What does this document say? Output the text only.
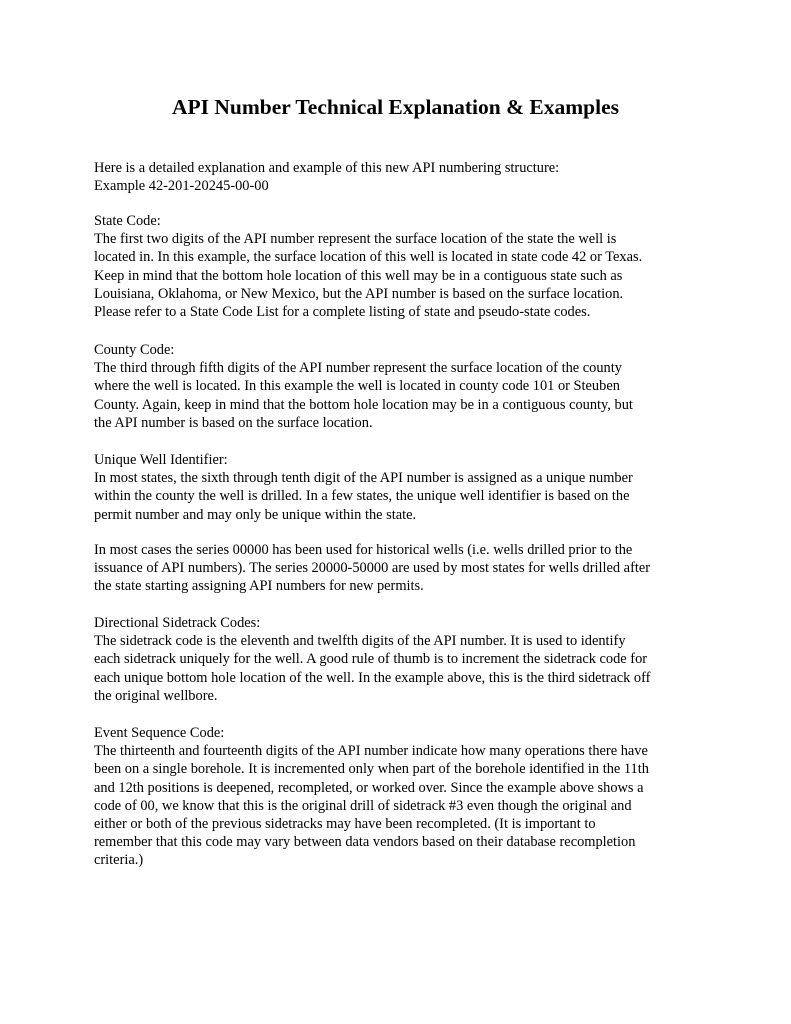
API Number Technical Explanation & Examples
Here is a detailed explanation and example of this new API numbering structure:
Example 42-201-20245-00-00
State Code:
The first two digits of the API number represent the surface location of the state the well is
located in. In this example, the surface location of this well is located in state code 42 or Texas.
Keep in mind that the bottom hole location of this well may be in a contiguous state such as
Louisiana, Oklahoma, or New Mexico, but the API number is based on the surface location.
Please refer to a State Code List for a complete listing of state and pseudo-state codes.
County Code:
The third through fifth digits of the API number represent the surface location of the county
where the well is located. In this example the well is located in county code 101 or Steuben
County. Again, keep in mind that the bottom hole location may be in a contiguous county, but
the API number is based on the surface location.
Unique Well Identifier:
In most states, the sixth through tenth digit of the API number is assigned as a unique number
within the county the well is drilled. In a few states, the unique well identifier is based on the
permit number and may only be unique within the state.
In most cases the series 00000 has been used for historical wells (i.e. wells drilled prior to the
issuance of API numbers). The series 20000-50000 are used by most states for wells drilled after
the state starting assigning API numbers for new permits.
Directional Sidetrack Codes:
The sidetrack code is the eleventh and twelfth digits of the API number. It is used to identify
each sidetrack uniquely for the well. A good rule of thumb is to increment the sidetrack code for
each unique bottom hole location of the well. In the example above, this is the third sidetrack off
the original wellbore.
Event Sequence Code:
The thirteenth and fourteenth digits of the API number indicate how many operations there have
been on a single borehole. It is incremented only when part of the borehole identified in the 11th
and 12th positions is deepened, recompleted, or worked over. Since the example above shows a
code of 00, we know that this is the original drill of sidetrack #3 even though the original and
either or both of the previous sidetracks may have been recompleted. (It is important to
remember that this code may vary between data vendors based on their database recompletion
criteria.)
